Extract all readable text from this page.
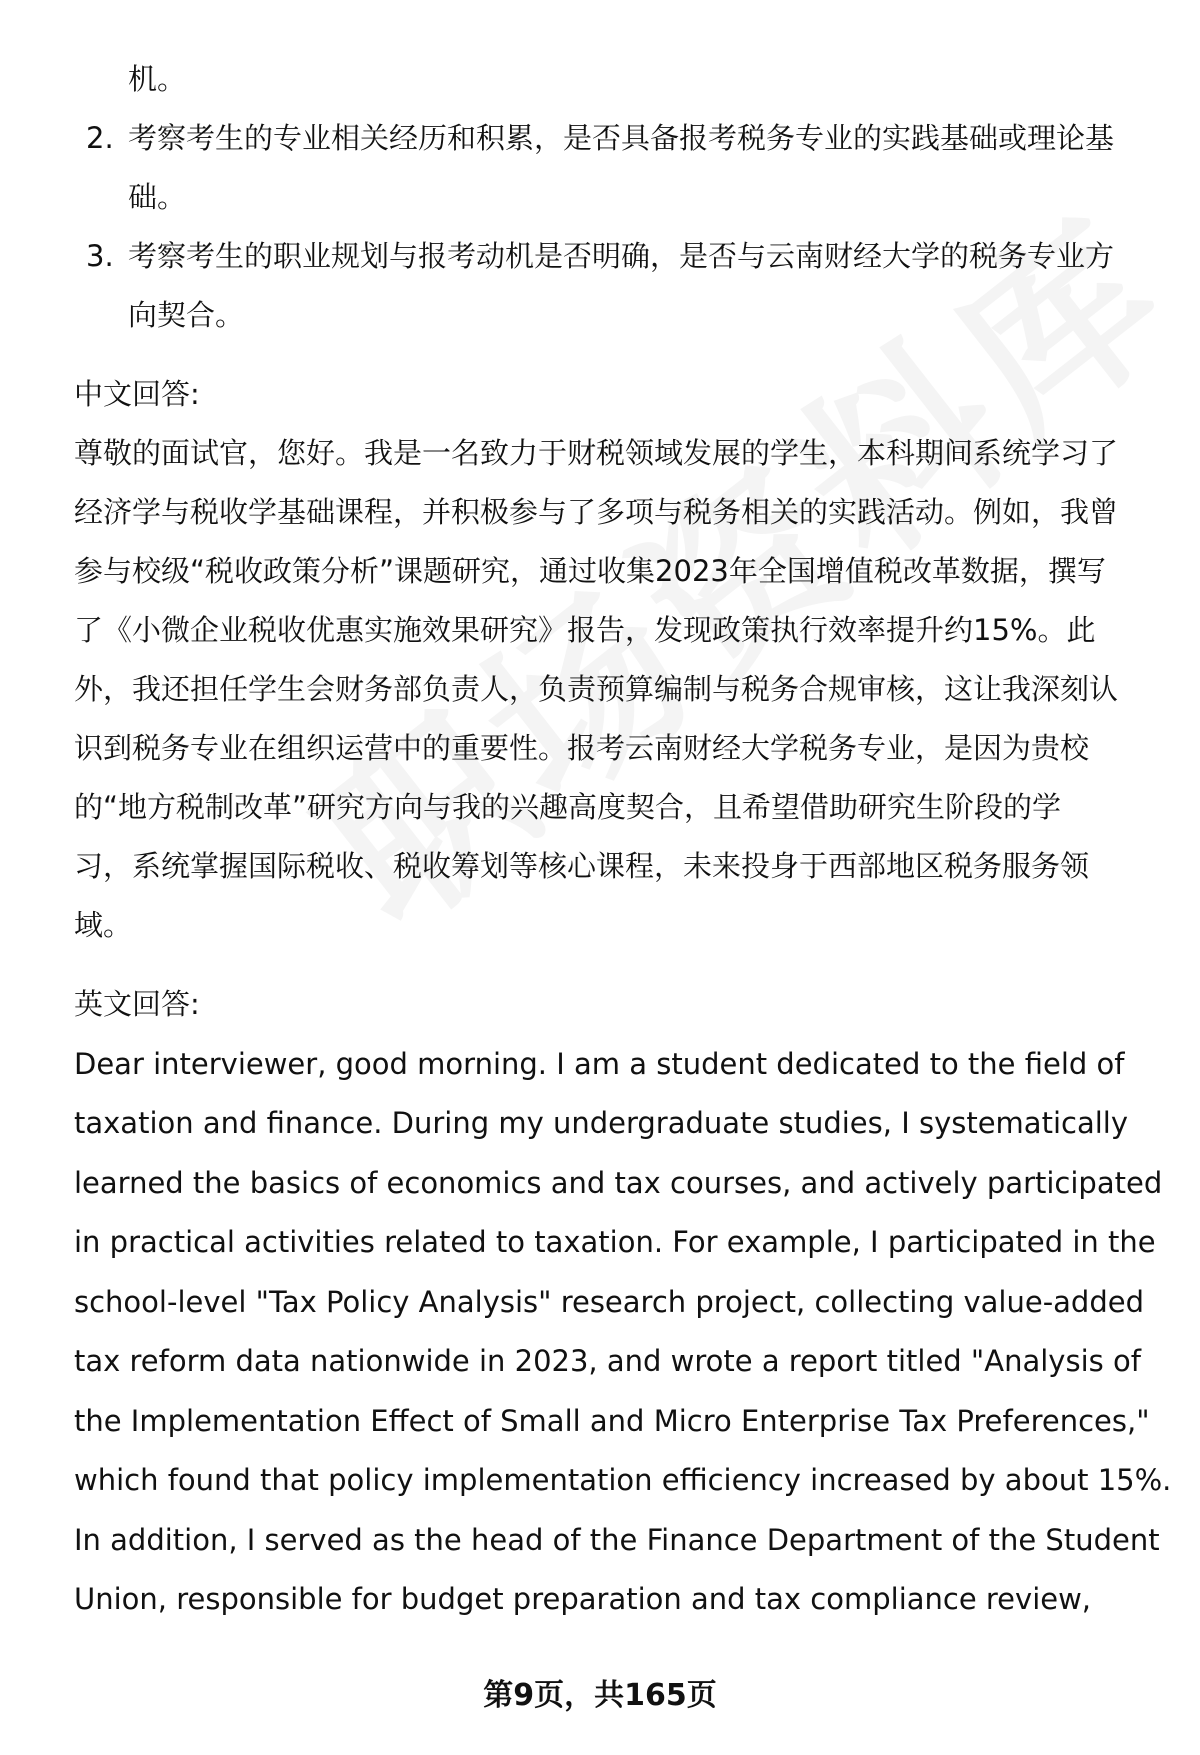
机。
2. 考察考生的专业相关经历和积累，是否具备报考税务专业的实践基础或理论基
础。
3. 考察考生的职业规划与报考动机是否明确，是否与云南财经大学的税务专业方
向契合。
中文回答:
尊敬的面试官，您好。我是一名致力于财税领域发展的学生，本科期间系统学习了
经济学与税收学基础课程，并积极参与了多项与税务相关的实践活动。例如，我曾
参与校级“税收政策分析”课题研究，通过收集2023年全国增值税改革数据，撰写
了《小微企业税收优惠实施效果研究》报告，发现政策执行效率提升约15%。此
外，我还担任学生会财务部负责人，负责预算编制与税务合规审核，这让我深刻认
识到税务专业在组织运营中的重要性。报考云南财经大学税务专业，是因为贵校
的“地方税制改革”研究方向与我的兴趣高度契合，且希望借助研究生阶段的学
习，系统掌握国际税收、税收筹划等核心课程，未来投身于西部地区税务服务领
域。
英文回答:
Dear interviewer, good morning. I am a student dedicated to the field of
taxation and finance. During my undergraduate studies, I systematically
learned the basics of economics and tax courses, and actively participated
in practical activities related to taxation. For example, I participated in the
school-level "Tax Policy Analysis" research project, collecting value-added
tax reform data nationwide in 2023, and wrote a report titled "Analysis of
the Implementation Effect of Small and Micro Enterprise Tax Preferences,"
which found that policy implementation efficiency increased by about 15%.
In addition, I served as the head of the Finance Department of the Student
Union, responsible for budget preparation and tax compliance review,
第9页，共165页
